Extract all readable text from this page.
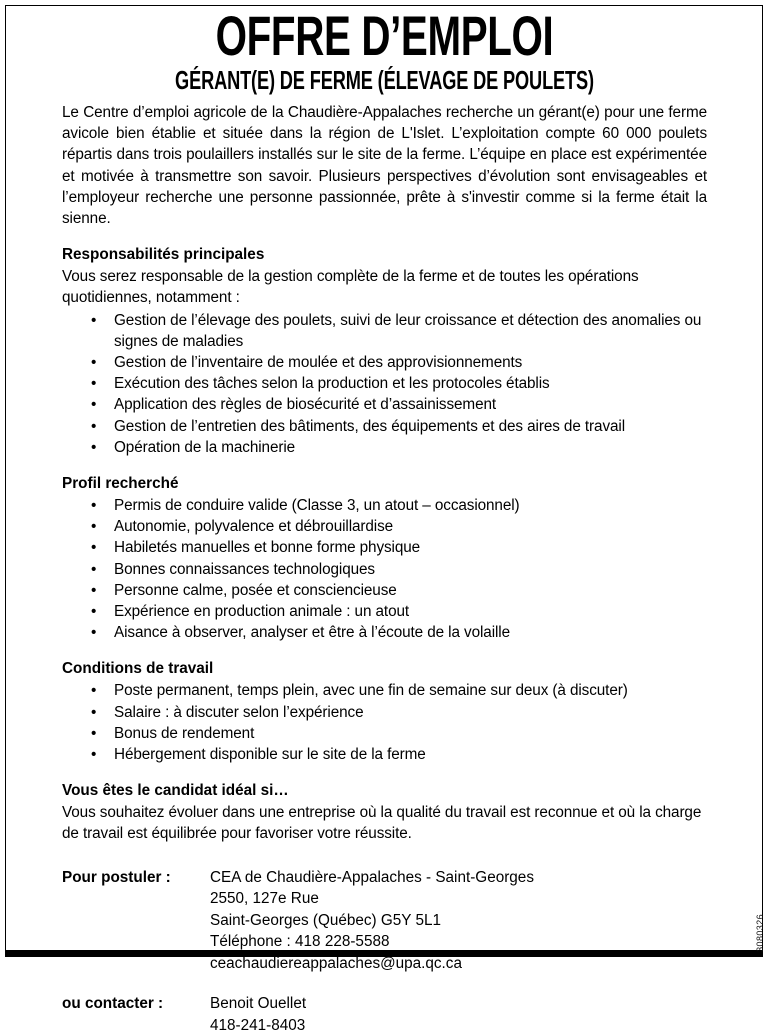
OFFRE D’EMPLOI
GÉRANT(E) DE FERME (ÉLEVAGE DE POULETS)

Le Centre d’emploi agricole de la Chaudière-Appalaches recherche un gérant(e) pour une ferme avicole bien établie et située dans la région de L'Islet. L’exploitation compte 60 000 poulets répartis dans trois poulaillers installés sur le site de la ferme. L’équipe en place est expérimentée et motivée à transmettre son savoir. Plusieurs perspectives d’évolution sont envisageables et l’employeur recherche une personne passionnée, prête à s'investir comme si la ferme était la sienne.

Responsabilités principales

Vous serez responsable de la gestion complète de la ferme et de toutes les opérations quotidiennes, notamment :

• Gestion de l’élevage des poulets, suivi de leur croissance et détection des anomalies ou signes de maladies
• Gestion de l’inventaire de moulée et des approvisionnements
• Exécution des tâches selon la production et les protocoles établis
• Application des règles de biosécurité et d’assainissement
• Gestion de l’entretien des bâtiments, des équipements et des aires de travail
• Opération de la machinerie
Profil recherché
• Permis de conduire valide (Classe 3, un atout – occasionnel)
• Autonomie, polyvalence et débrouillardise
• Habiletés manuelles et bonne forme physique
• Bonnes connaissances technologiques
• Personne calme, posée et consciencieuse
• Expérience en production animale : un atout
• Aisance à observer, analyser et être à l’écoute de la volaille
Conditions de travail
• Poste permanent, temps plein, avec une fin de semaine sur deux (à discuter)
• Salaire : à discuter selon l’expérience
• Bonus de rendement
• Hébergement disponible sur le site de la ferme
Vous êtes le candidat idéal si…

Vous souhaitez évoluer dans une entreprise où la qualité du travail est reconnue et où la charge de travail est équilibrée pour favoriser votre réussite.

Pour postuler :	CEA de Chaudière-Appalaches - Saint-Georges
2550, 127e Rue
Saint-Georges (Québec) G5Y 5L1
Téléphone : 418 228-5588
ceachaudiereappalaches@upa.qc.ca
ou contacter :	Benoit Ouellet
418-241-8403
3080326
